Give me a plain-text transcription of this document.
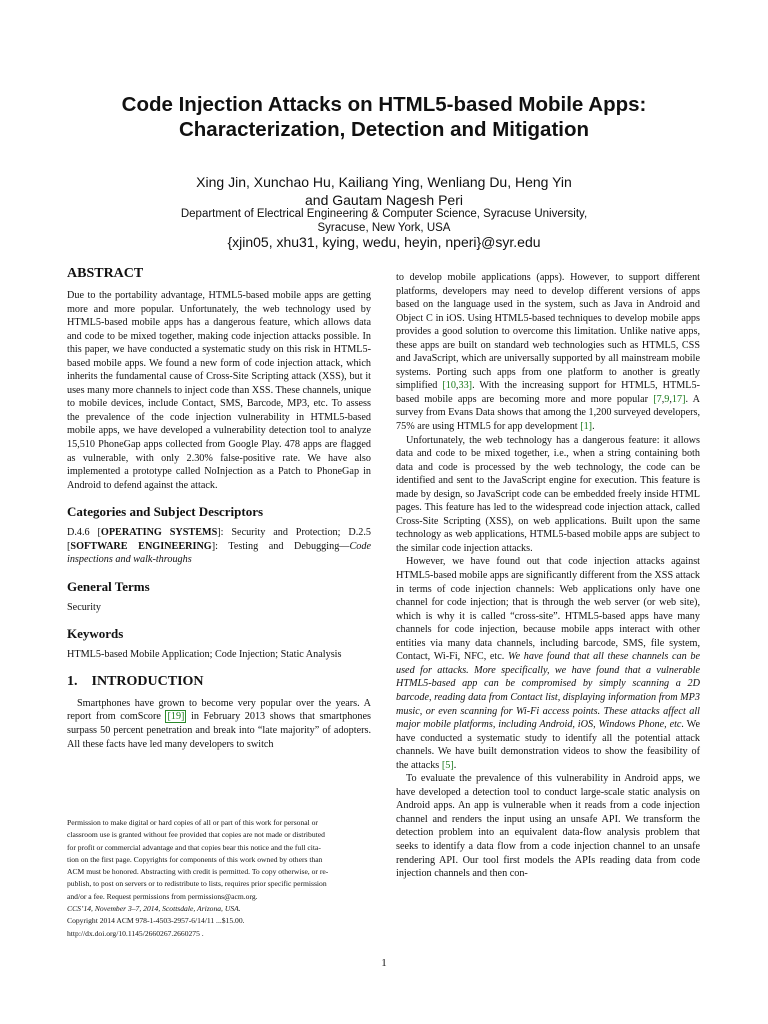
Code Injection Attacks on HTML5-based Mobile Apps:
Characterization, Detection and Mitigation
Xing Jin, Xunchao Hu, Kailiang Ying, Wenliang Du, Heng Yin
and Gautam Nagesh Peri
Department of Electrical Engineering & Computer Science, Syracuse University,
Syracuse, New York, USA
{xjin05, xhu31, kying, wedu, heyin, nperi}@syr.edu
ABSTRACT

Due to the portability advantage, HTML5-based mobile apps are getting more and more popular. Unfortunately, the web technology used by HTML5-based mobile apps has a dangerous feature, which allows data and code to be mixed together, making code injection attacks possible. In this paper, we have conducted a systematic study on this risk in HTML5-based mobile apps. We found a new form of code injection attack, which inherits the fundamental cause of Cross-Site Scripting attack (XSS), but it uses many more channels to inject code than XSS. These channels, unique to mobile devices, include Contact, SMS, Barcode, MP3, etc. To assess the prevalence of the code injection vulnerability in HTML5-based mobile apps, we have developed a vulnerability detection tool to analyze 15,510 PhoneGap apps collected from Google Play. 478 apps are flagged as vulnerable, with only 2.30% false-positive rate. We have also implemented a prototype called NoInjection as a Patch to PhoneGap in Android to defend against the attack.

Categories and Subject Descriptors

D.4.6 [OPERATING SYSTEMS]: Security and Protection; D.2.5 [SOFTWARE ENGINEERING]: Testing and Debugging—Code inspections and walk-throughs

General Terms

Security

Keywords

HTML5-based Mobile Application; Code Injection; Static Analysis

1.    INTRODUCTION

Smartphones have grown to become very popular over the years. A report from comScore [19] in February 2013 shows that smartphones surpass 50 percent penetration and break into “late majority” of adopters. All these facts have led many developers to switch

to develop mobile applications (apps). However, to support different platforms, developers may need to develop different versions of apps based on the language used in the system, such as Java in Android and Object C in iOS. Using HTML5-based techniques to develop mobile apps provides a good solution to overcome this limitation. Unlike native apps, these apps are built on standard web technologies such as HTML5, CSS and JavaScript, which are universally supported by all mainstream mobile systems. Porting such apps from one platform to another is greatly simplified [10,33]. With the increasing support for HTML5, HTML5-based mobile apps are becoming more and more popular [7,9,17]. A survey from Evans Data shows that among the 1,200 surveyed developers, 75% are using HTML5 for app development [1].

Unfortunately, the web technology has a dangerous feature: it allows data and code to be mixed together, i.e., when a string containing both data and code is processed by the web technology, the code can be identified and sent to the JavaScript engine for execution. This feature is made by design, so JavaScript code can be embedded freely inside HTML pages. This feature has led to the widespread code injection attack, called Cross-Site Scripting (XSS), on web applications. Built upon the same technology as web applications, HTML5-based mobile apps are subject to the similar code injection attacks.

However, we have found out that code injection attacks against HTML5-based mobile apps are significantly different from the XSS attack in terms of code injection channels: Web applications only have one channel for code injection; that is through the web server (or web site), which is why it is called “cross-site”. HTML5-based apps have many channels for code injection, because mobile apps interact with other entities via many data channels, including barcode, SMS, file system, Contact, Wi-Fi, NFC, etc. We have found that all these channels can be used for attacks. More specifically, we have found that a vulnerable HTML5-based app can be compromised by simply scanning a 2D barcode, reading data from Contact list, displaying information from MP3 music, or even scanning for Wi-Fi access points. These attacks affect all major mobile platforms, including Android, iOS, Windows Phone, etc. We have conducted a systematic study to identify all the potential attack channels. We have built demonstration videos to show the feasibility of the attacks [5].

To evaluate the prevalence of this vulnerability in Android apps, we have developed a detection tool to conduct large-scale static analysis on Android apps. An app is vulnerable when it reads from a code injection channel and renders the input using an unsafe API. We transform the detection problem into an equivalent data-flow analysis problem that seeks to identify a data flow from a code injection channel to an unsafe rendering API. Our tool first models the APIs reading data from code injection channels and then con-

Permission to make digital or hard copies of all or part of this work for personal or
classroom use is granted without fee provided that copies are not made or distributed
for profit or commercial advantage and that copies bear this notice and the full cita-
tion on the first page. Copyrights for components of this work owned by others than
ACM must be honored. Abstracting with credit is permitted. To copy otherwise, or re-
publish, to post on servers or to redistribute to lists, requires prior specific permission
and/or a fee. Request permissions from permissions@acm.org.
CCS’14, November 3–7, 2014, Scottsdale, Arizona, USA.
Copyright 2014 ACM 978-1-4503-2957-6/14/11 ...$15.00.
http://dx.doi.org/10.1145/2660267.2660275 .
1
